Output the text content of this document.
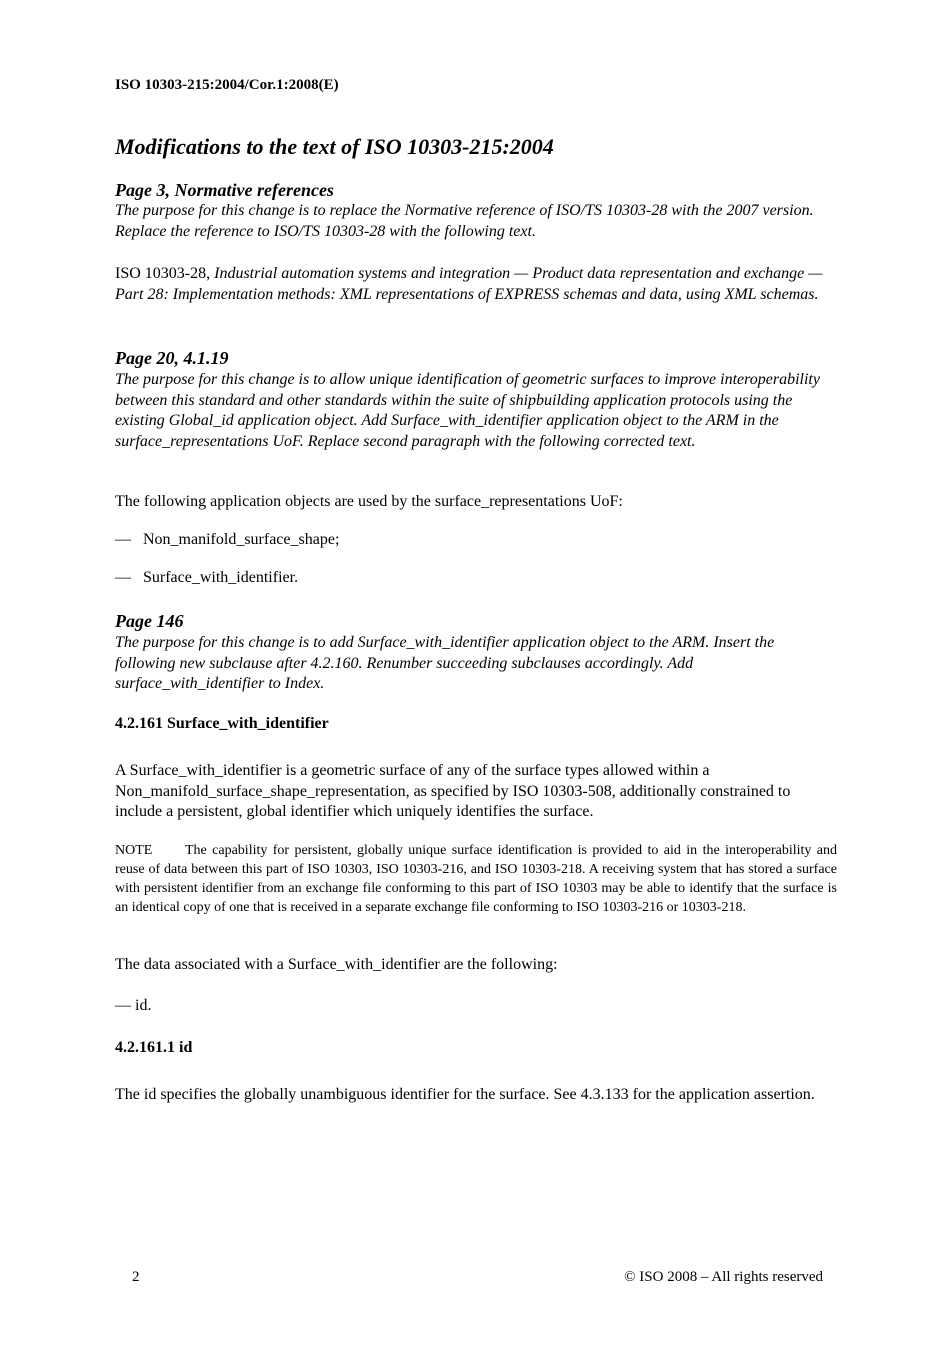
ISO 10303-215:2004/Cor.1:2008(E)
Modifications to the text of ISO 10303-215:2004
Page 3, Normative references
The purpose for this change is to replace the Normative reference of ISO/TS 10303-28 with the 2007 version. Replace the reference to ISO/TS 10303-28 with the following text.
ISO 10303-28, Industrial automation systems and integration — Product data representation and exchange — Part 28: Implementation methods: XML representations of EXPRESS schemas and data, using XML schemas.
Page 20, 4.1.19
The purpose for this change is to allow unique identification of geometric surfaces to improve interoperability between this standard and other standards within the suite of shipbuilding application protocols using the existing Global_id application object. Add Surface_with_identifier application object to the ARM in the surface_representations UoF. Replace second paragraph with the following corrected text.
The following application objects are used by the surface_representations UoF:
— Non_manifold_surface_shape;
— Surface_with_identifier.
Page 146
The purpose for this change is to add Surface_with_identifier application object to the ARM. Insert the following new subclause after 4.2.160. Renumber succeeding subclauses accordingly. Add surface_with_identifier to Index.
4.2.161 Surface_with_identifier
A Surface_with_identifier is a geometric surface of any of the surface types allowed within a Non_manifold_surface_shape_representation, as specified by ISO 10303-508, additionally constrained to include a persistent, global identifier which uniquely identifies the surface.
NOTE The capability for persistent, globally unique surface identification is provided to aid in the interoperability and reuse of data between this part of ISO 10303, ISO 10303-216, and ISO 10303-218. A receiving system that has stored a surface with persistent identifier from an exchange file conforming to this part of ISO 10303 may be able to identify that the surface is an identical copy of one that is received in a separate exchange file conforming to ISO 10303-216 or 10303-218.
The data associated with a Surface_with_identifier are the following:
— id.
4.2.161.1 id
The id specifies the globally unambiguous identifier for the surface. See 4.3.133 for the application assertion.
2	© ISO 2008 – All rights reserved
